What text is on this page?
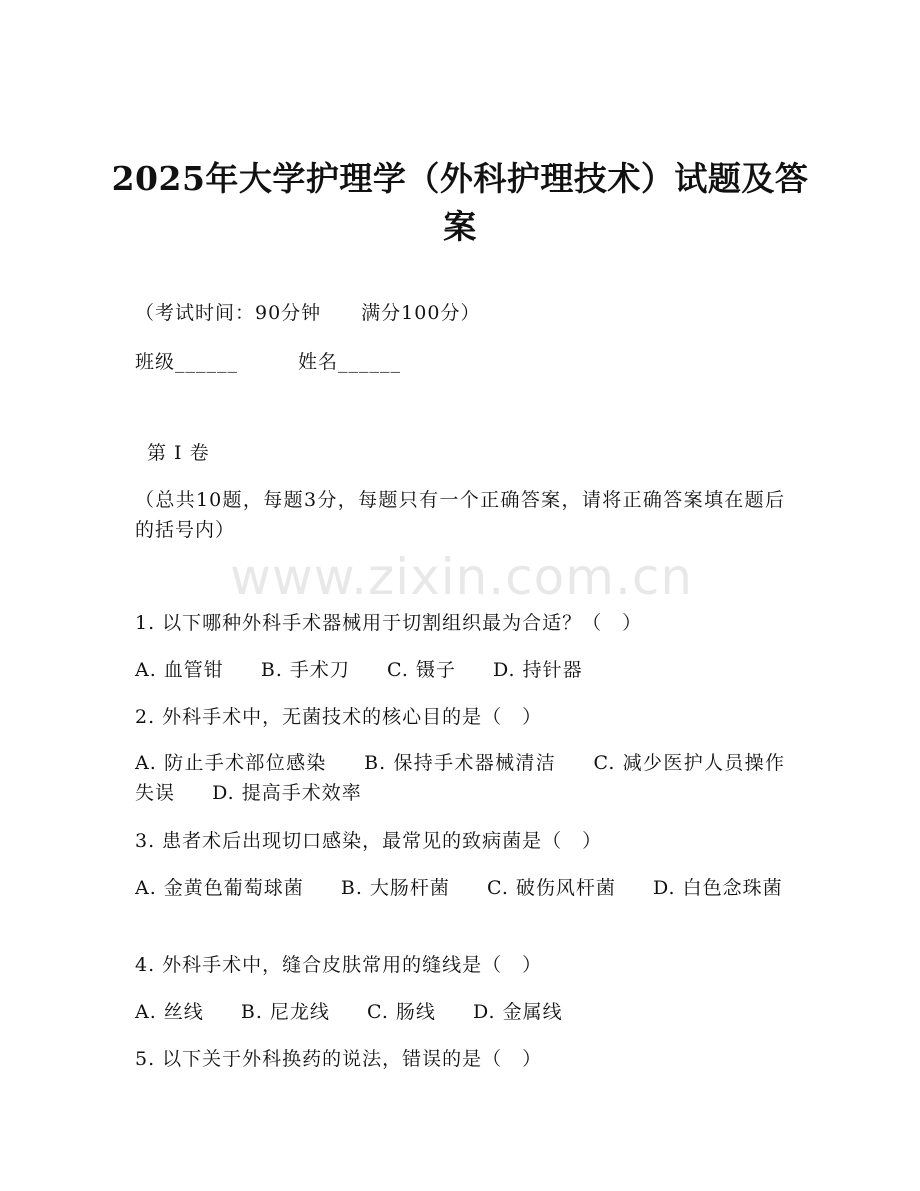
2025年大学护理学（外科护理技术）试题及答案
（考试时间：90分钟　　满分100分）
班级______　　　姓名______
第 I 卷
（总共10题，每题3分，每题只有一个正确答案，请将正确答案填在题后的括号内）
www.zixin.com.cn
1. 以下哪种外科手术器械用于切割组织最为合适？（　）
A. 血管钳 B. 手术刀 C. 镊子 D. 持针器
2. 外科手术中，无菌技术的核心目的是（　）
A. 防止手术部位感染 B. 保持手术器械清洁 C. 减少医护人员操作失误 D. 提高手术效率
3. 患者术后出现切口感染，最常见的致病菌是（　）
A. 金黄色葡萄球菌 B. 大肠杆菌 C. 破伤风杆菌 D. 白色念珠菌
4. 外科手术中，缝合皮肤常用的缝线是（　）
A. 丝线 B. 尼龙线 C. 肠线 D. 金属线
5. 以下关于外科换药的说法，错误的是（　）
